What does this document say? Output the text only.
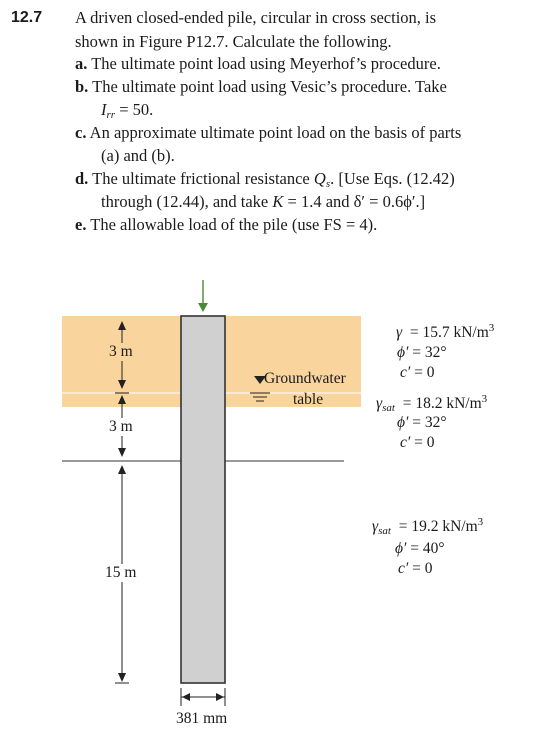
12.7 A driven closed-ended pile, circular in cross section, is
shown in Figure P12.7. Calculate the following.
a. The ultimate point load using Meyerhof’s procedure.
b. The ultimate point load using Vesic’s procedure. Take
$I_{rr} = 50$.
c. An approximate ultimate point load on the basis of parts
(a) and (b).
d. The ultimate frictional resistance $Q_s$. [Use Eqs. (12.42)
through (12.44), and take K = 1.4 and δ′ = 0.6ϕ′.]
e. The allowable load of the pile (use FS = 4).
3 m
3 m
15 m
381 mm
Groundwater
table
γ = 15.7 $kN/m^3$
ϕ′ = 32°
c′ = 0
$\gamma_{sat} = 18.2$ $kN/m^3$
ϕ′ = 32°
c′ = 0
$\gamma_{sat} = 19.2$ $kN/m^3$
ϕ′ = 40°
c′ = 0
